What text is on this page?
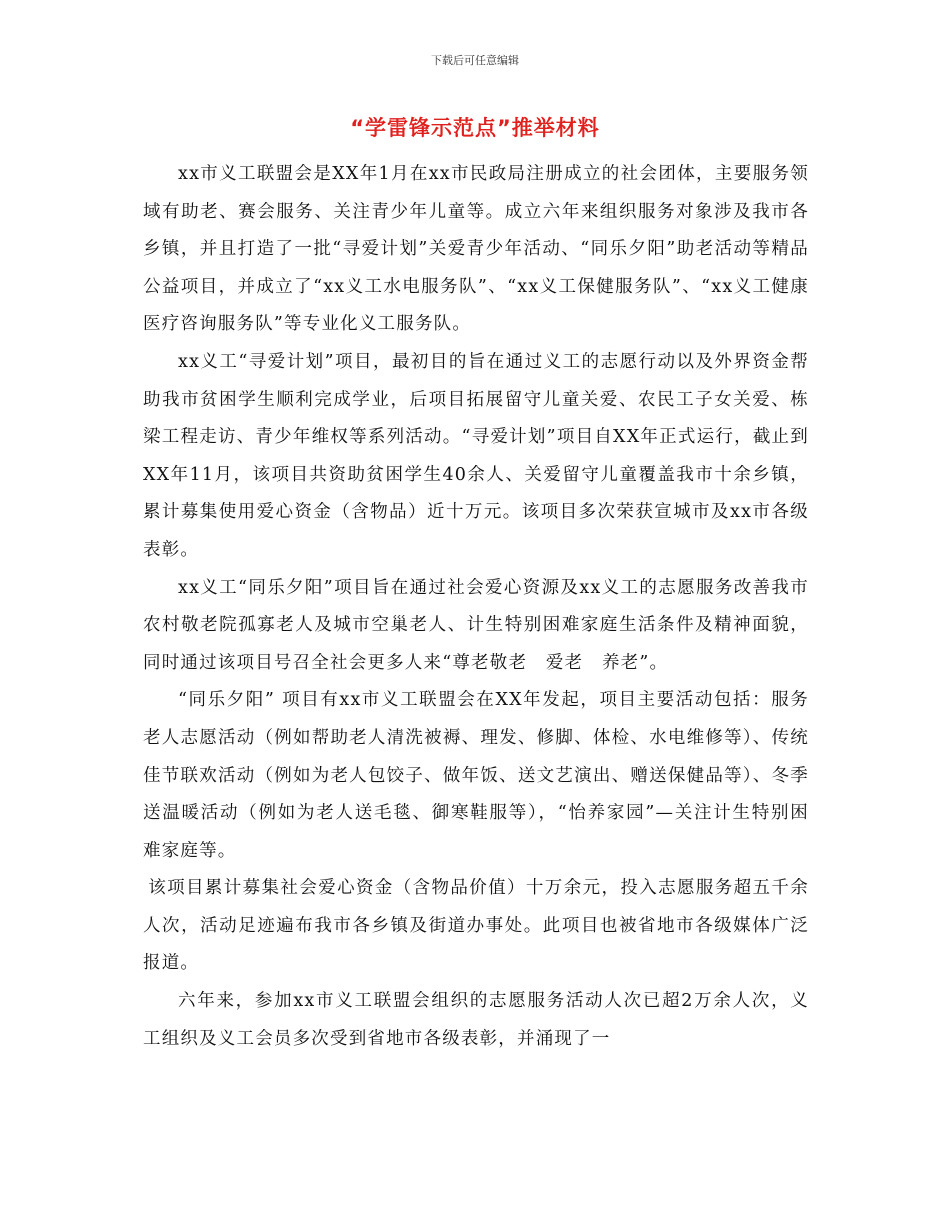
下载后可任意编辑
“学雷锋示范点”推举材料

xx市义工联盟会是XX年1月在xx市民政局注册成立的社会团体，主要服务领域有助老、赛会服务、关注青少年儿童等。成立六年来组织服务对象涉及我市各乡镇，并且打造了一批“寻爱计划”关爱青少年活动、“同乐夕阳”助老活动等精品公益项目，并成立了“xx义工水电服务队”、“xx义工保健服务队”、“xx义工健康医疗咨询服务队”等专业化义工服务队。

xx义工“寻爱计划”项目，最初目的旨在通过义工的志愿行动以及外界资金帮助我市贫困学生顺利完成学业，后项目拓展留守儿童关爱、农民工子女关爱、栋梁工程走访、青少年维权等系列活动。“寻爱计划”项目自XX年正式运行，截止到XX年11月，该项目共资助贫困学生40余人、关爱留守儿童覆盖我市十余乡镇，累计募集使用爱心资金（含物品）近十万元。该项目多次荣获宣城市及xx市各级表彰。

xx义工“同乐夕阳”项目旨在通过社会爱心资源及xx义工的志愿服务改善我市农村敬老院孤寡老人及城市空巢老人、计生特别困难家庭生活条件及精神面貌，同时通过该项目号召全社会更多人来“尊老敬老　爱老　养老”。

“同乐夕阳” 项目有xx市义工联盟会在XX年发起，项目主要活动包括：服务老人志愿活动（例如帮助老人清洗被褥、理发、修脚、体检、水电维修等）、传统佳节联欢活动（例如为老人包饺子、做年饭、送文艺演出、赠送保健品等）、冬季送温暖活动（例如为老人送毛毯、御寒鞋服等），“怡养家园”—关注计生特别困难家庭等。

该项目累计募集社会爱心资金（含物品价值）十万余元，投入志愿服务超五千余人次，活动足迹遍布我市各乡镇及街道办事处。此项目也被省地市各级媒体广泛报道。

六年来，参加xx市义工联盟会组织的志愿服务活动人次已超2万余人次，义工组织及义工会员多次受到省地市各级表彰，并涌现了一
